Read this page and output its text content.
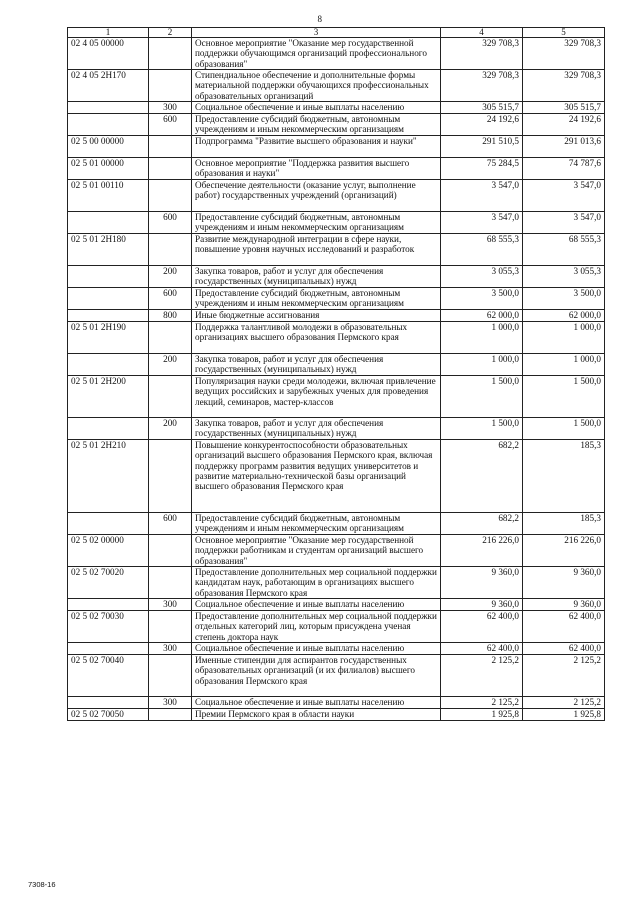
8
1	2	3	4	5
02 4 05 00000		Основное мероприятие "Оказание мер государственной поддержки обучающимся организаций профессионального образования"	329 708,3	329 708,3
02 4 05 2Н170		Стипендиальное обеспечение и дополнительные формы материальной поддержки обучающихся профессиональных образовательных организаций	329 708,3	329 708,3
	300	Социальное обеспечение и иные выплаты населению	305 515,7	305 515,7
	600	Предоставление субсидий бюджетным, автономным учреждениям и иным некоммерческим организациям	24 192,6	24 192,6
02 5 00 00000		Подпрограмма "Развитие высшего образования и науки"	291 510,5	291 013,6
02 5 01 00000		Основное мероприятие "Поддержка развития высшего образования и науки"	75 284,5	74 787,6
02 5 01 00110		Обеспечение деятельности (оказание услуг, выполнение работ) государственных учреждений (организаций)	3 547,0	3 547,0
	600	Предоставление субсидий бюджетным, автономным учреждениям и иным некоммерческим организациям	3 547,0	3 547,0
02 5 01 2Н180		Развитие международной интеграции в сфере науки, повышение уровня научных исследований и разработок	68 555,3	68 555,3
	200	Закупка товаров, работ и услуг для обеспечения государственных (муниципальных) нужд	3 055,3	3 055,3
	600	Предоставление субсидий бюджетным, автономным учреждениям и иным некоммерческим организациям	3 500,0	3 500,0
	800	Иные бюджетные ассигнования	62 000,0	62 000,0
02 5 01 2Н190		Поддержка талантливой молодежи в образовательных организациях высшего образования Пермского края	1 000,0	1 000,0
	200	Закупка товаров, работ и услуг для обеспечения государственных (муниципальных) нужд	1 000,0	1 000,0
02 5 01 2Н200		Популяризация науки среди молодежи, включая привлечение ведущих российских и зарубежных ученых для проведения лекций, семинаров, мастер-классов	1 500,0	1 500,0
	200	Закупка товаров, работ и услуг для обеспечения государственных (муниципальных) нужд	1 500,0	1 500,0
02 5 01 2Н210		Повышение конкурентоспособности образовательных организаций высшего образования Пермского края, включая поддержку программ развития ведущих университетов и развитие материально-технической базы организаций высшего образования Пермского края	682,2	185,3
	600	Предоставление субсидий бюджетным, автономным учреждениям и иным некоммерческим организациям	682,2	185,3
02 5 02 00000		Основное мероприятие "Оказание мер государственной поддержки работникам и студентам организаций высшего образования"	216 226,0	216 226,0
02 5 02 70020		Предоставление дополнительных мер социальной поддержки кандидатам наук, работающим в организациях высшего образования Пермского края	9 360,0	9 360,0
	300	Социальное обеспечение и иные выплаты населению	9 360,0	9 360,0
02 5 02 70030		Предоставление дополнительных мер социальной поддержки отдельных категорий лиц, которым присуждена ученая степень доктора наук	62 400,0	62 400,0
	300	Социальное обеспечение и иные выплаты населению	62 400,0	62 400,0
02 5 02 70040		Именные стипендии для аспирантов государственных образовательных организаций (и их филиалов) высшего образования Пермского края	2 125,2	2 125,2
	300	Социальное обеспечение и иные выплаты населению	2 125,2	2 125,2
02 5 02 70050		Премии Пермского края в области науки	1 925,8	1 925,8
7308-16
